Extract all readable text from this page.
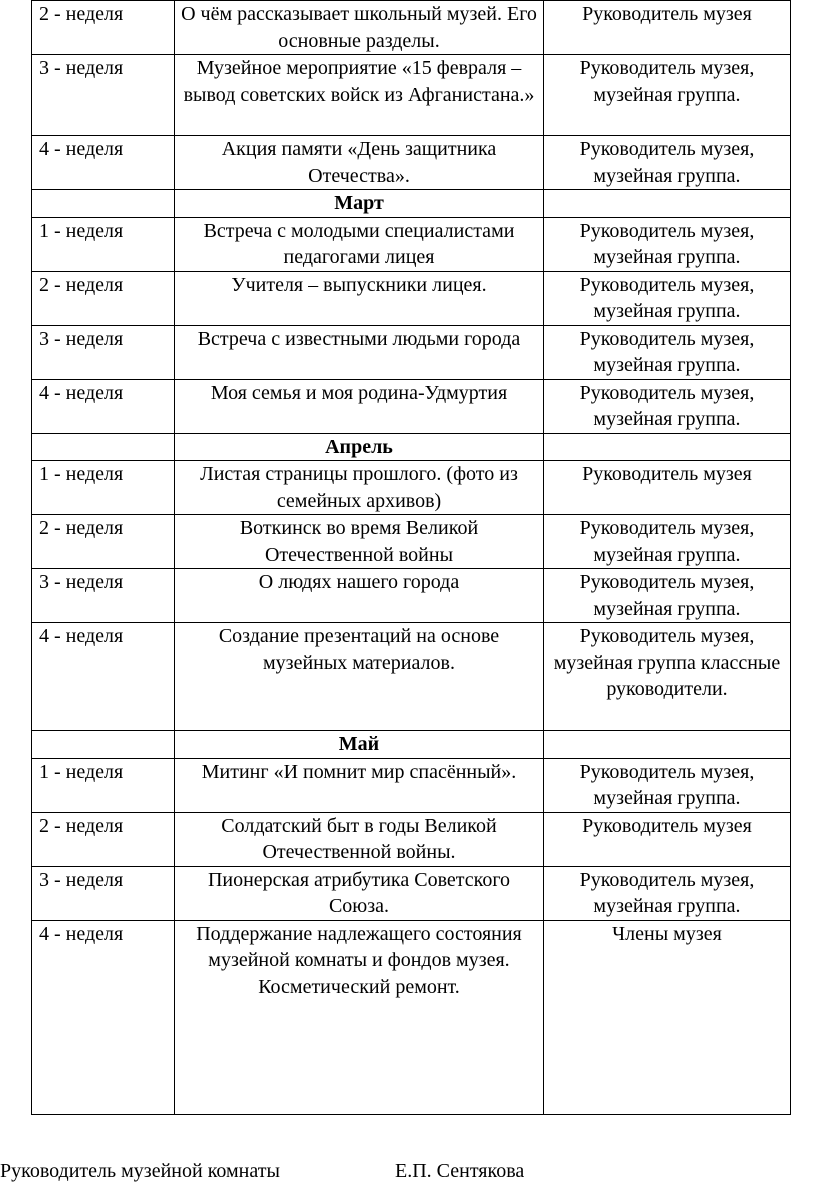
2 - неделя	О чём рассказывает школьный музей. Его основные разделы.	Руководитель музея
3 - неделя	Музейное мероприятие «15 февраля – вывод советских войск из Афганистана.»	Руководитель музея, музейная группа.
4 - неделя	Акция памяти «День защитника Отечества».	Руководитель музея, музейная группа.
	Март	
1 - неделя	Встреча с молодыми специалистами педагогами лицея	Руководитель музея, музейная группа.
2 - неделя	Учителя – выпускники лицея.	Руководитель музея, музейная группа.
3 - неделя	Встреча с известными людьми города	Руководитель музея, музейная группа.
4 - неделя	Моя семья и моя родина-Удмуртия	Руководитель музея, музейная группа.
	Апрель	
1 - неделя	Листая страницы прошлого. (фото из семейных архивов)	Руководитель музея
2 - неделя	Воткинск во время Великой Отечественной войны	Руководитель музея, музейная группа.
3 - неделя	О людях нашего города	Руководитель музея, музейная группа.
4 - неделя	Создание презентаций на основе музейных материалов.	Руководитель музея, музейная группа классные руководители.
	Май	
1 - неделя	Митинг «И помнит мир спасённый».	Руководитель музея, музейная группа.
2 - неделя	Солдатский быт в годы Великой Отечественной войны.	Руководитель музея
3 - неделя	Пионерская атрибутика Советского Союза.	Руководитель музея, музейная группа.
4 - неделя	Поддержание надлежащего состояния музейной комнаты и фондов музея. Косметический ремонт.	Члены музея
Руководитель музейной комнаты	Е.П. Сентякова
